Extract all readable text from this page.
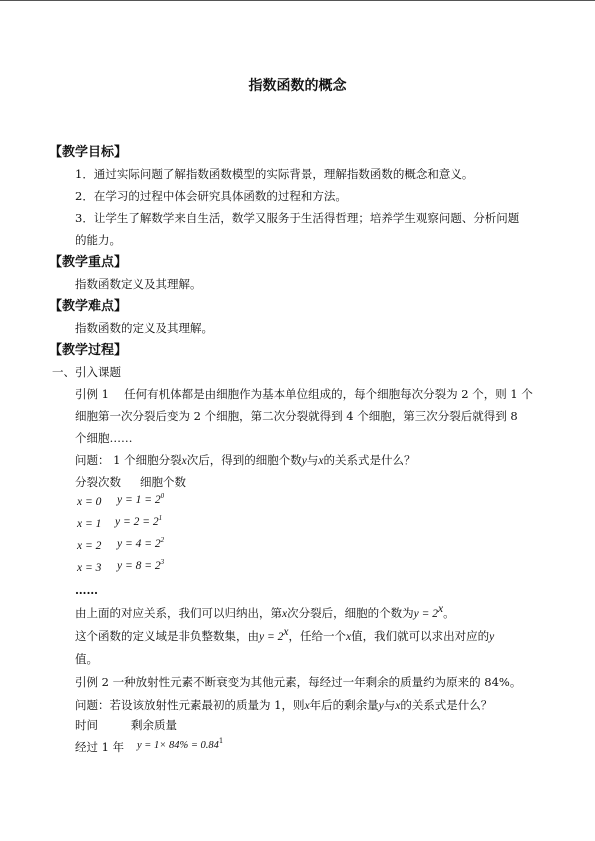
指数函数的概念
【教学目标】
1．通过实际问题了解指数函数模型的实际背景，理解指数函数的概念和意义。
2．在学习的过程中体会研究具体函数的过程和方法。
3．让学生了解数学来自生活，数学又服务于生活得哲理；培养学生观察问题、分析问题
的能力。
【教学重点】
指数函数定义及其理解。
【教学难点】
指数函数的定义及其理解。
【教学过程】
一、引入课题
引例 1　 任何有机体都是由细胞作为基本单位组成的，每个细胞每次分裂为 2 个，则 1 个
细胞第一次分裂后变为 2 个细胞，第二次分裂就得到 4 个细胞，第三次分裂后就得到 8
个细胞……
问题： 1 个细胞分裂x次后，得到的细胞个数y与x的关系式是什么？
分裂次数 细胞个数
x = 0 $y = 1 = 2^0$
x = 1 $y = 2 = 2^1$
x = 2 $y = 4 = 2^2$
x = 3 $y = 8 = 2^3$
……
由上面的对应关系，我们可以归纳出，第x次分裂后，细胞的个数为$y = 2^x$。
这个函数的定义域是非负整数集，由$y = 2^x$，任给一个x值，我们就可以求出对应的y
值。
引例 2 一种放射性元素不断衰变为其他元素，每经过一年剩余的质量约为原来的 84%。
问题：若设该放射性元素最初的质量为 1，则x年后的剩余量y与x的关系式是什么？
时间	剩余质量
经过 1 年 $y = 1\times 84\% = 0.84^1$
